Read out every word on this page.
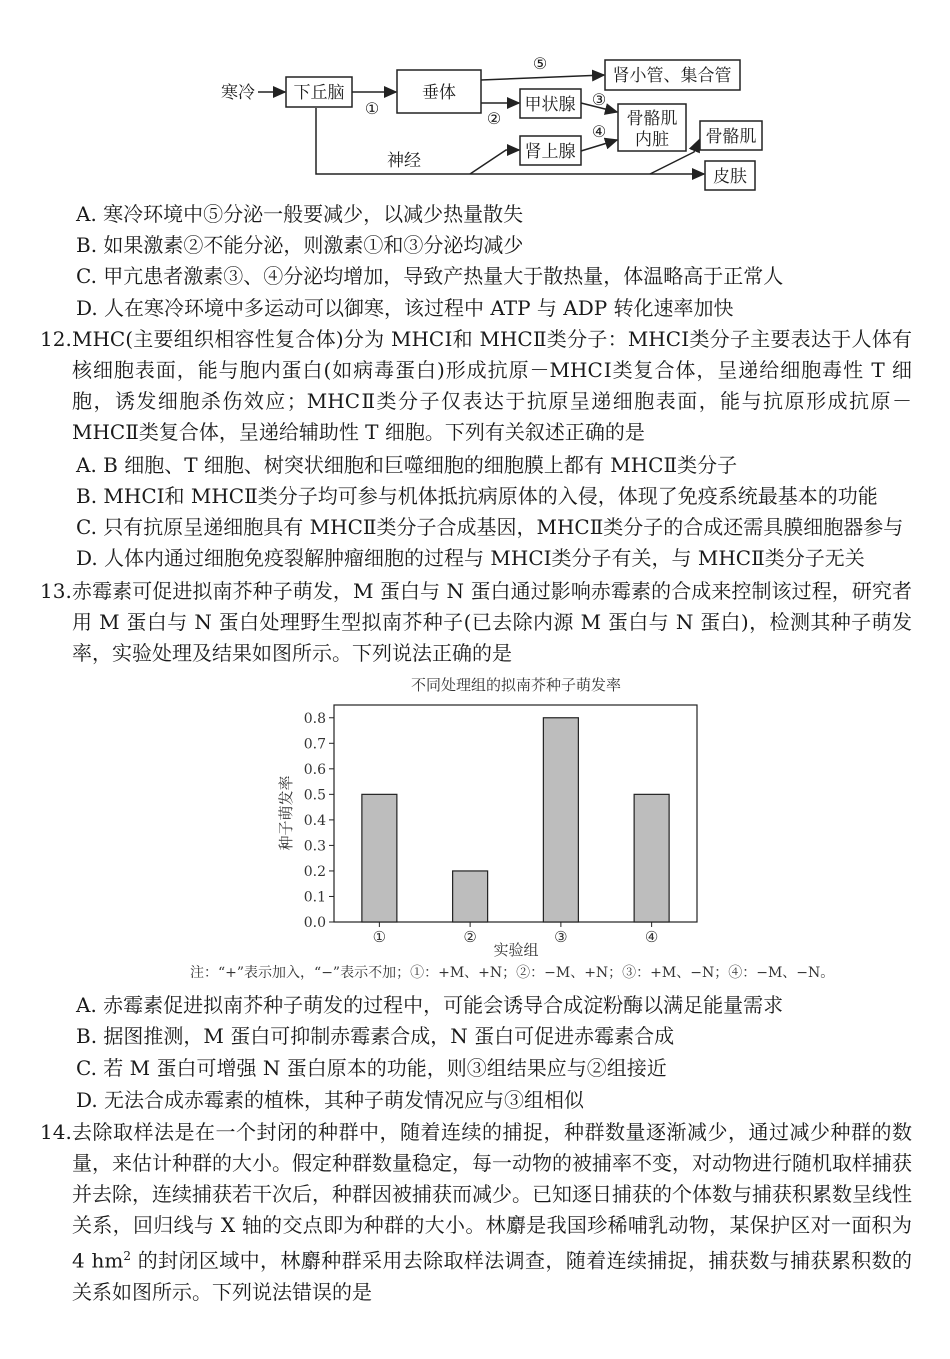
寒冷 下丘脑	垂体
肾小管、集合管
甲状腺
骨骼肌
内脏
肾上腺
骨骼肌
皮肤
神经
①
②
③
④
⑤
A. 寒冷环境中⑤分泌一般要减少，以减少热量散失
B. 如果激素②不能分泌，则激素①和③分泌均减少
C. 甲亢患者激素③、④分泌均增加，导致产热量大于散热量，体温略高于正常人
D. 人在寒冷环境中多运动可以御寒，该过程中 ATP 与 ADP 转化速率加快
12. MHC(主要组织相容性复合体)分为 MHCⅠ和 MHCⅡ类分子：MHCⅠ类分子主要表达于人体有核细胞表面，能与胞内蛋白(如病毒蛋白)形成抗原－MHCⅠ类复合体，呈递给细胞毒性 T 细胞，诱发细胞杀伤效应；MHCⅡ类分子仅表达于抗原呈递细胞表面，能与抗原形成抗原－MHCⅡ类复合体，呈递给辅助性 T 细胞。下列有关叙述正确的是
A. B 细胞、T 细胞、树突状细胞和巨噬细胞的细胞膜上都有 MHCⅡ类分子
B. MHCⅠ和 MHCⅡ类分子均可参与机体抵抗病原体的入侵，体现了免疫系统最基本的功能
C. 只有抗原呈递细胞具有 MHCⅡ类分子合成基因，MHCⅡ类分子的合成还需具膜细胞器参与
D. 人体内通过细胞免疫裂解肿瘤细胞的过程与 MHCⅠ类分子有关，与 MHCⅡ类分子无关
13. 赤霉素可促进拟南芥种子萌发，M 蛋白与 N 蛋白通过影响赤霉素的合成来控制该过程，研究者用 M 蛋白与 N 蛋白处理野生型拟南芥种子(已去除内源 M 蛋白与 N 蛋白)，检测其种子萌发率，实验处理及结果如图所示。下列说法正确的是
不同处理组的拟南芥种子萌发率
0.0
0.1
0.2
0.3
0.4
0.5
0.6
0.7
0.8
①	②	③	④
实验组
种子萌发率
注：“+”表示加入，“−”表示不加；①：+M、+N；②：−M、+N；③：+M、−N；④：−M、−N。
A. 赤霉素促进拟南芥种子萌发的过程中，可能会诱导合成淀粉酶以满足能量需求
B. 据图推测，M 蛋白可抑制赤霉素合成，N 蛋白可促进赤霉素合成
C. 若 M 蛋白可增强 N 蛋白原本的功能，则③组结果应与②组接近
D. 无法合成赤霉素的植株，其种子萌发情况应与③组相似
14. 去除取样法是在一个封闭的种群中，随着连续的捕捉，种群数量逐渐减少，通过减少种群的数量，来估计种群的大小。假定种群数量稳定，每一动物的被捕率不变，对动物进行随机取样捕获并去除，连续捕获若干次后，种群因被捕获而减少。已知逐日捕获的个体数与捕获积累数呈线性关系，回归线与 X 轴的交点即为种群的大小。林麝是我国珍稀哺乳动物，某保护区对一面积为 4 $hm^2$ 的封闭区域中，林麝种群采用去除取样法调查，随着连续捕捉，捕获数与捕获累积数的关系如图所示。下列说法错误的是
